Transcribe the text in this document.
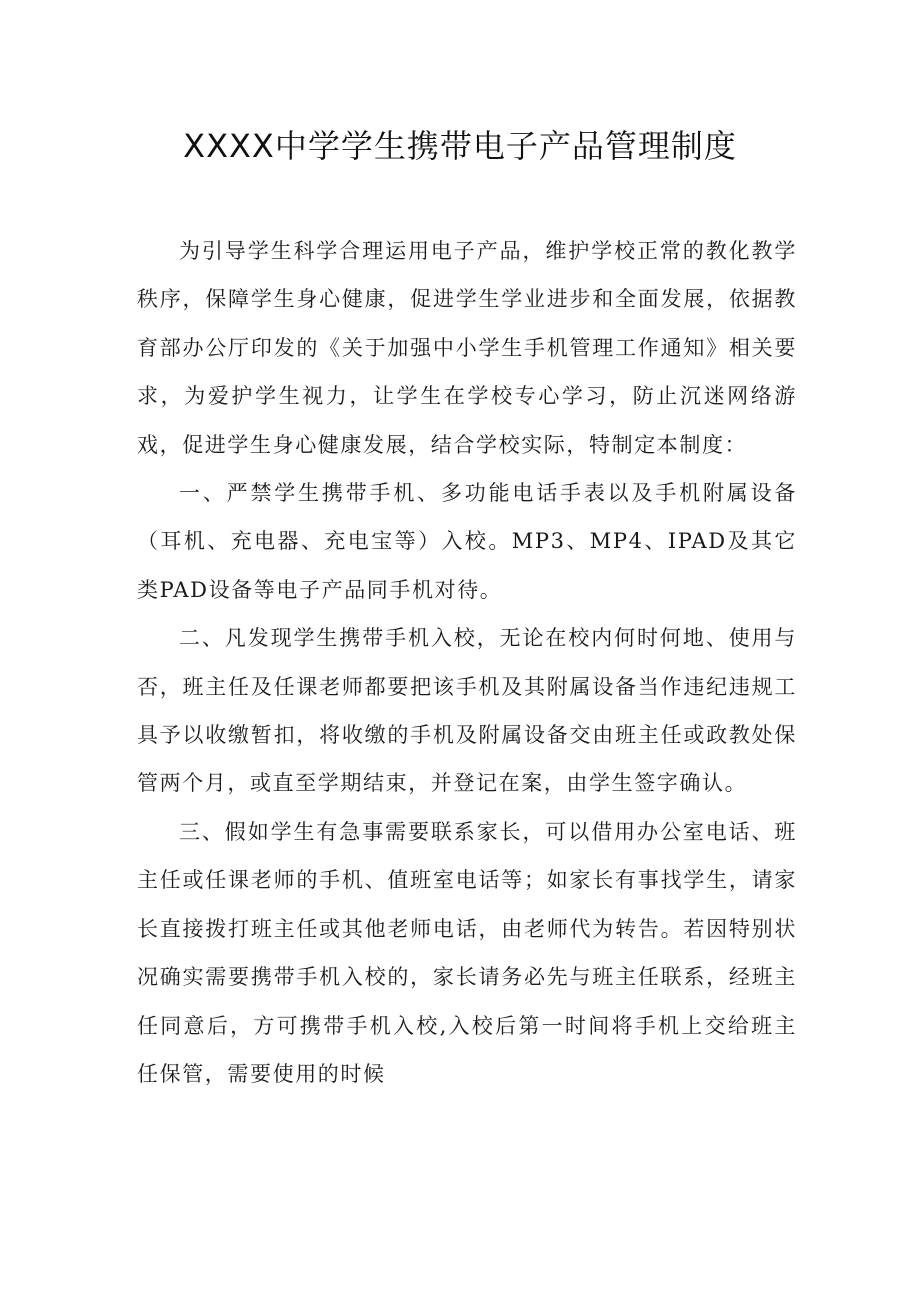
XXXX中学学生携带电子产品管理制度

为引导学生科学合理运用电子产品，维护学校正常的教化教学秩序，保障学生身心健康，促进学生学业进步和全面发展，依据教育部办公厅印发的《关于加强中小学生手机管理工作通知》相关要求，为爱护学生视力，让学生在学校专心学习，防止沉迷网络游戏，促进学生身心健康发展，结合学校实际，特制定本制度：

一、严禁学生携带手机、多功能电话手表以及手机附属设备（耳机、充电器、充电宝等）入校。MP3、MP4、IPAD及其它类PAD设备等电子产品同手机对待。

二、凡发现学生携带手机入校，无论在校内何时何地、使用与否，班主任及任课老师都要把该手机及其附属设备当作违纪违规工具予以收缴暂扣，将收缴的手机及附属设备交由班主任或政教处保管两个月，或直至学期结束，并登记在案，由学生签字确认。

三、假如学生有急事需要联系家长，可以借用办公室电话、班主任或任课老师的手机、值班室电话等；如家长有事找学生，请家长直接拨打班主任或其他老师电话，由老师代为转告。若因特别状况确实需要携带手机入校的，家长请务必先与班主任联系，经班主任同意后，方可携带手机入校,入校后第一时间将手机上交给班主任保管，需要使用的时候
